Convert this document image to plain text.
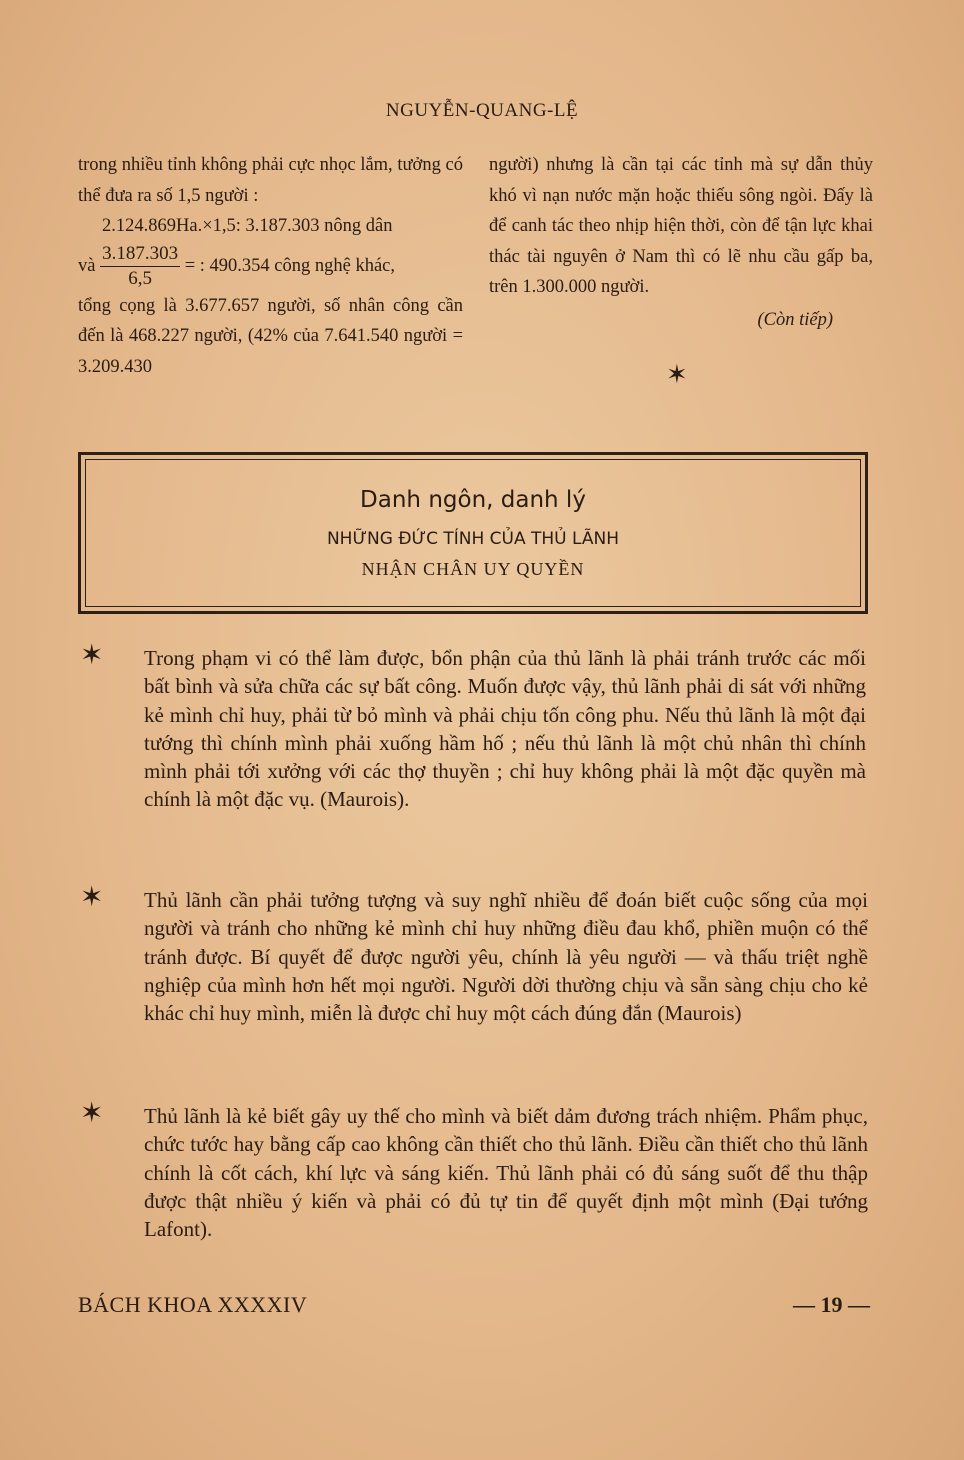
NGUYỄN-QUANG-LỆ

trong nhiều tỉnh không phải cực nhọc lắm, tưởng có thể đưa ra số 1,5 người :

2.124.869Ha.×1,5: 3.187.303 nông dân
và $\frac{3.187.303}{6,5}$ = : 490.354 công nghệ khác,

tổng cọng là 3.677.657 người, số nhân công cần đến là 468.227 người, (42% của 7.641.540 người = 3.209.430

người) nhưng là cần tại các tỉnh mà sự dẫn thủy khó vì nạn nước mặn hoặc thiếu sông ngòi. Đấy là để canh tác theo nhịp hiện thời, còn để tận lực khai thác tài nguyên ở Nam thì có lẽ nhu cầu gấp ba, trên 1.300.000 người.

(Còn tiếp)
✶
Danh ngôn, danh lý
NHỮNG ĐỨC TÍNH CỦA THỦ LÃNH
NHẬN CHÂN UY QUYỀN
✶ Trong phạm vi có thể làm được, bổn phận của thủ lãnh là phải tránh trước các mối bất bình và sửa chữa các sự bất công. Muốn được vậy, thủ lãnh phải di sát với những kẻ mình chỉ huy, phải từ bỏ mình và phải chịu tốn công phu. Nếu thủ lãnh là một đại tướng thì chính mình phải xuống hầm hố ; nếu thủ lãnh là một chủ nhân thì chính mình phải tới xưởng với các thợ thuyền ; chỉ huy không phải là một đặc quyền mà chính là một đặc vụ. (Maurois).

✶ Thủ lãnh cần phải tưởng tượng và suy nghĩ nhiều để đoán biết cuộc sống của mọi người và tránh cho những kẻ mình chỉ huy những điều đau khổ, phiền muộn có thể tránh được. Bí quyết để được người yêu, chính là yêu người — và thấu triệt nghề nghiệp của mình hơn hết mọi người. Người dời thường chịu và sẵn sàng chịu cho kẻ khác chỉ huy mình, miễn là được chỉ huy một cách đúng đắn (Maurois)

✶ Thủ lãnh là kẻ biết gây uy thế cho mình và biết dảm đương trách nhiệm. Phẩm phục, chức tước hay bằng cấp cao không cần thiết cho thủ lãnh. Điều cần thiết cho thủ lãnh chính là cốt cách, khí lực và sáng kiến. Thủ lãnh phải có đủ sáng suốt để thu thập được thật nhiều ý kiến và phải có đủ tự tin để quyết định một mình (Đại tướng Lafont).

BÁCH KHOA XXXXIV	— 19 —
